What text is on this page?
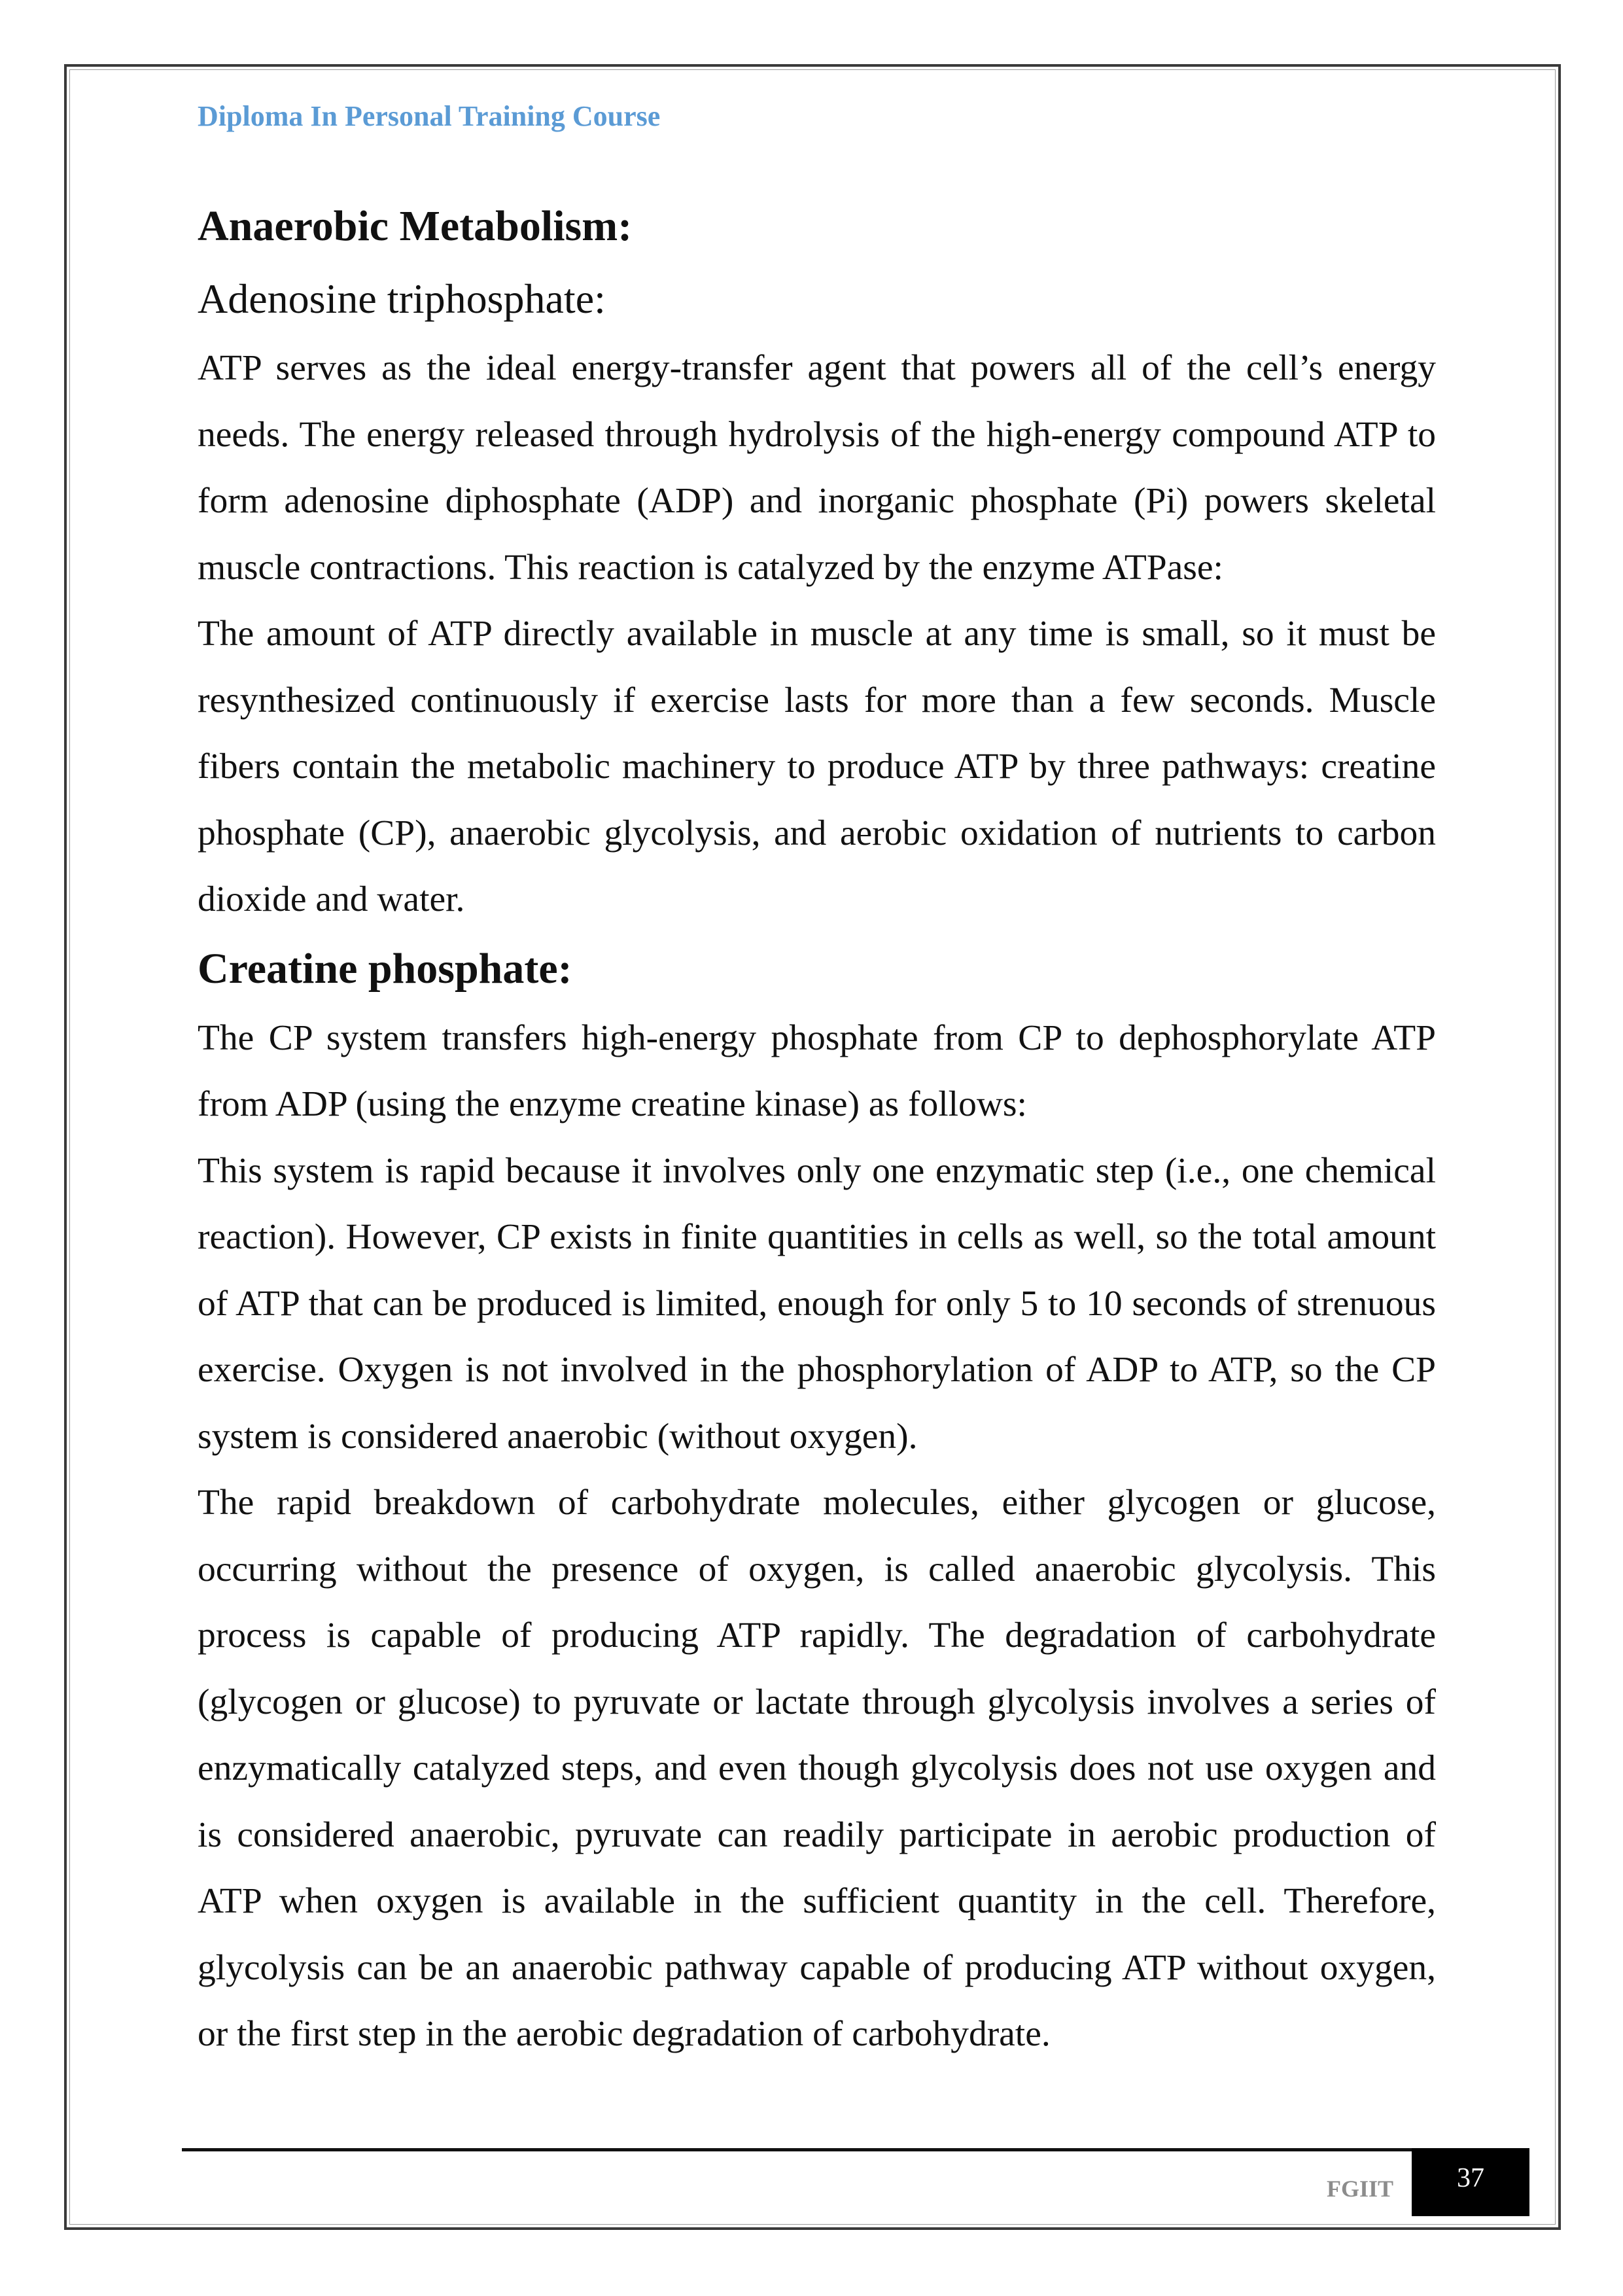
Diploma In Personal Training Course
Anaerobic Metabolism:
Adenosine triphosphate:

ATP serves as the ideal energy-transfer agent that powers all of the cell’s energy needs. The energy released through hydrolysis of the high-energy compound ATP to form adenosine diphosphate (ADP) and inorganic phosphate (Pi) powers skeletal muscle contractions. This reaction is catalyzed by the enzyme ATPase:

The amount of ATP directly available in muscle at any time is small, so it must be resynthesized continuously if exercise lasts for more than a few seconds. Muscle fibers contain the metabolic machinery to produce ATP by three pathways: creatine phosphate (CP), anaerobic glycolysis, and aerobic oxidation of nutrients to carbon dioxide and water.

Creatine phosphate:

The CP system transfers high-energy phosphate from CP to dephosphorylate ATP from ADP (using the enzyme creatine kinase) as follows:

This system is rapid because it involves only one enzymatic step (i.e., one chemical reaction). However, CP exists in finite quantities in cells as well, so the total amount of ATP that can be produced is limited, enough for only 5 to 10 seconds of strenuous exercise. Oxygen is not involved in the phosphorylation of ADP to ATP, so the CP system is considered anaerobic (without oxygen).

The rapid breakdown of carbohydrate molecules, either glycogen or glucose, occurring without the presence of oxygen, is called anaerobic glycolysis. This process is capable of producing ATP rapidly. The degradation of carbohydrate (glycogen or glucose) to pyruvate or lactate through glycolysis involves a series of enzymatically catalyzed steps, and even though glycolysis does not use oxygen and is considered anaerobic, pyruvate can readily participate in aerobic production of ATP when oxygen is available in the sufficient quantity in the cell. Therefore, glycolysis can be an anaerobic pathway capable of producing ATP without oxygen, or the first step in the aerobic degradation of carbohydrate.

FGIIT	37
